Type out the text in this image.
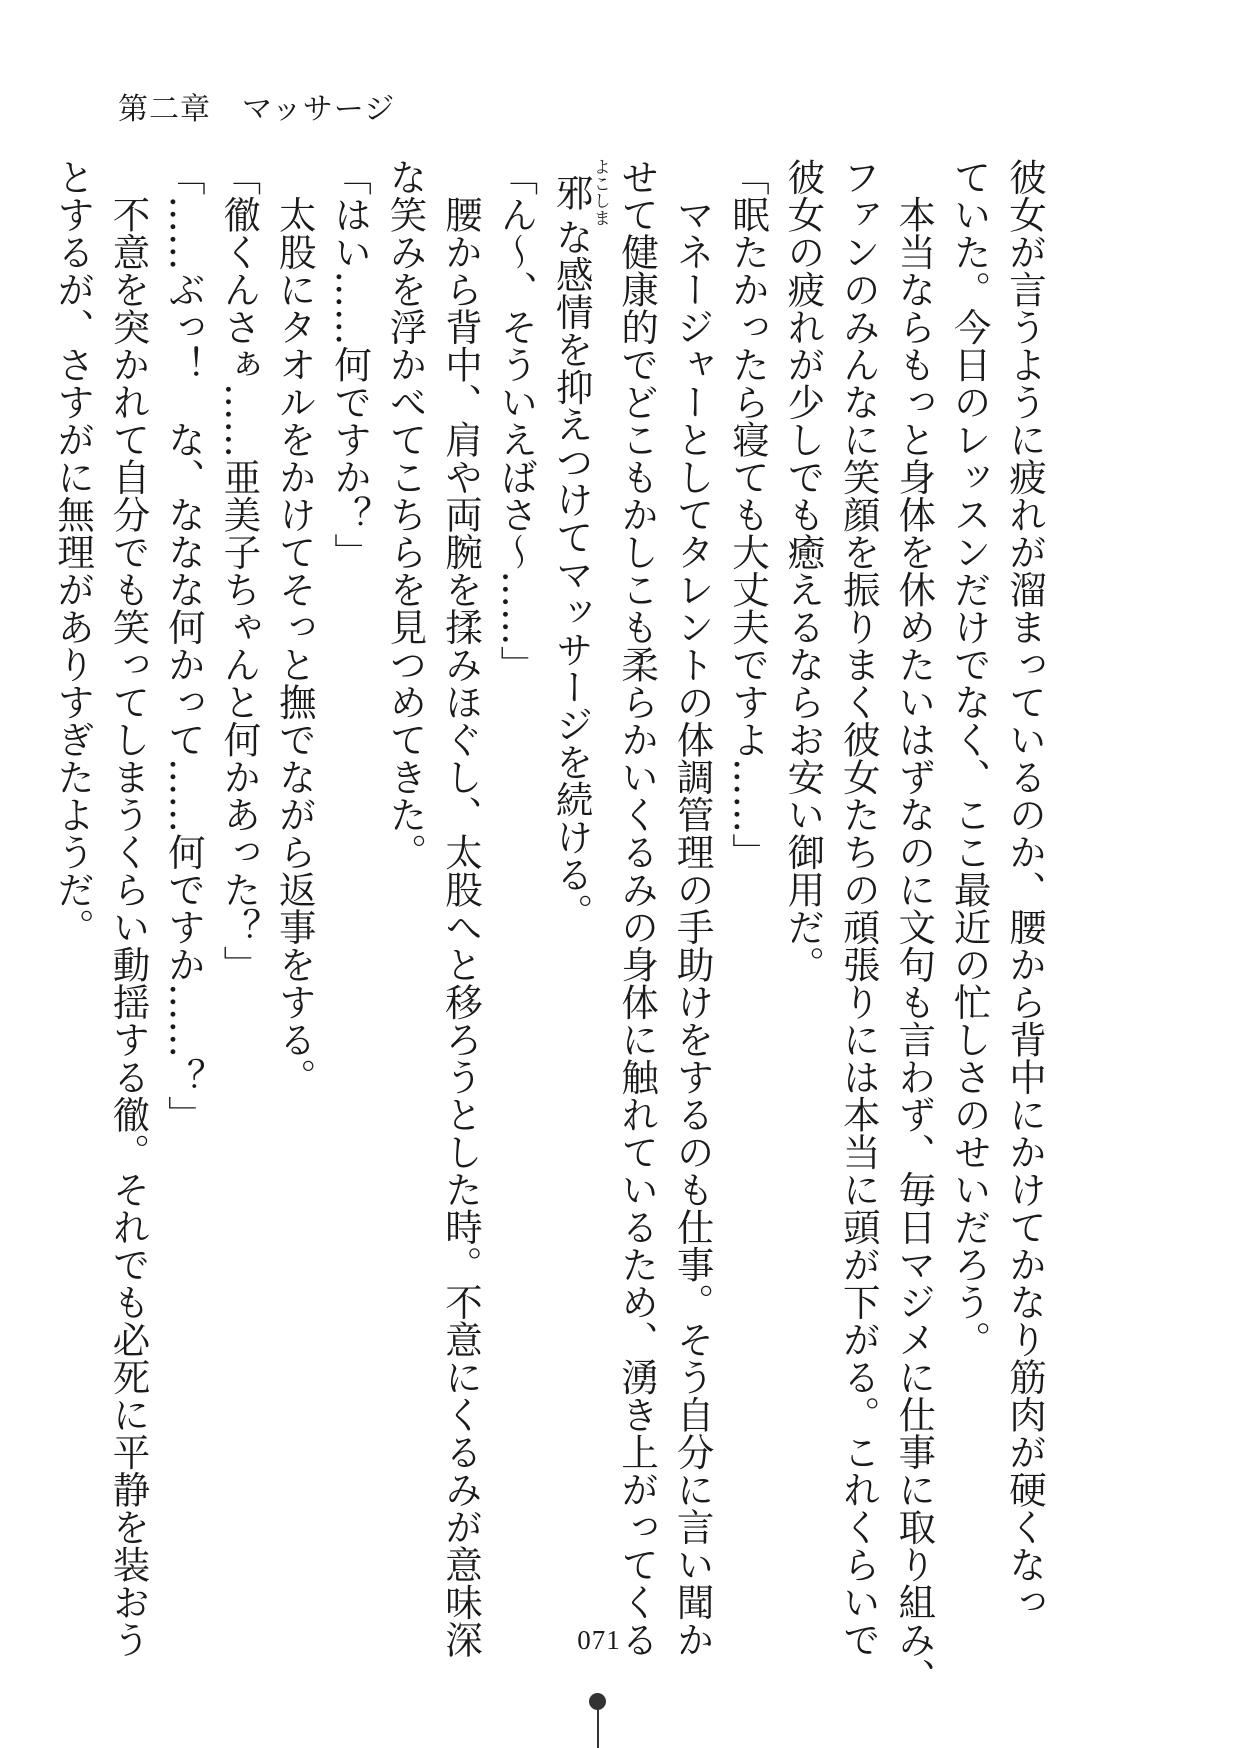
第二章　マッサージ

彼女が言うように疲れが溜まっているのか、腰から背中にかけてかなり筋肉が硬くなっ

ていた。今日のレッスンだけでなく、ここ最近の忙しさのせいだろう。

　本当ならもっと身体を休めたいはずなのに文句も言わず、毎日マジメに仕事に取り組み、

ファンのみんなに笑顔を振りまく彼女たちの頑張りには本当に頭が下がる。これくらいで

彼女の疲れが少しでも癒えるならお安い御用だ。

「眠たかったら寝ても大丈夫ですよ……」

　マネージャーとしてタレントの体調管理の手助けをするのも仕事。そう自分に言い聞か

せて健康的でどこもかしこも柔らかいくるみの身体に触れているため、湧き上がってくる

邪よこしまな感情を抑えつけてマッサージを続ける。

「ん～、そういえばさ～……」

　腰から背中、肩や両腕を揉みほぐし、太股へと移ろうとした時。不意にくるみが意味深

な笑みを浮かべてこちらを見つめてきた。

「はい……何ですか？」

　太股にタオルをかけてそっと撫でながら返事をする。

「徹くんさぁ……亜美子ちゃんと何かあった？」

「……ぶっ！　な、ななな何かって……何ですか……？」

　不意を突かれて自分でも笑ってしまうくらい動揺する徹。それでも必死に平静を装おう

とするが、さすがに無理がありすぎたようだ。

071
